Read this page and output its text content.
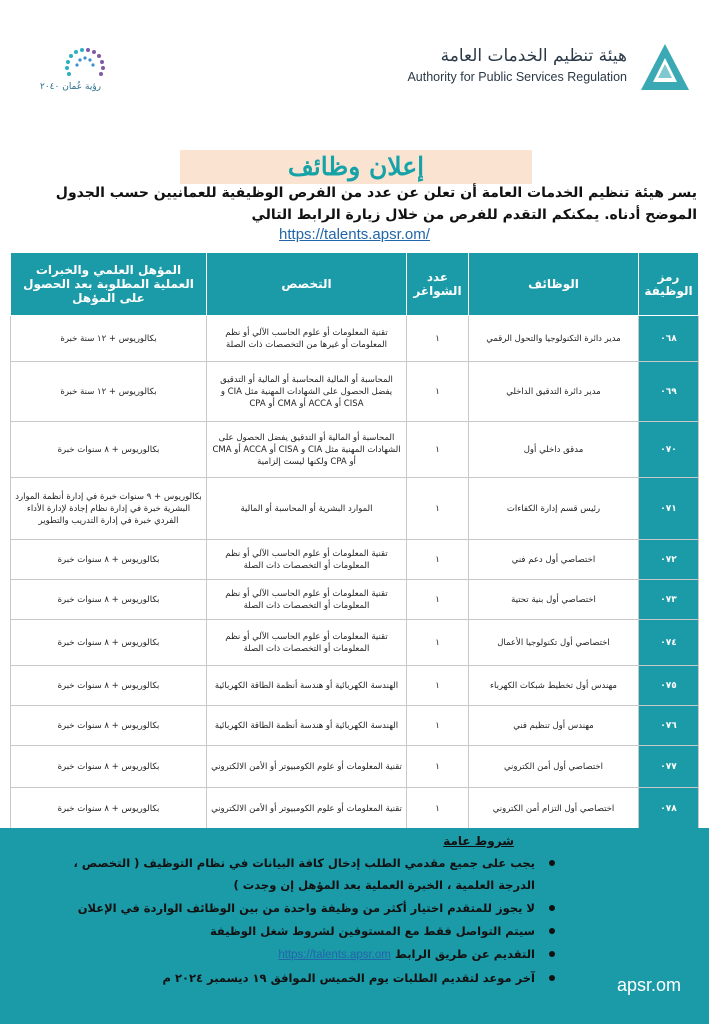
هيئة تنظيم الخدمات العامة
Authority for Public Services Regulation
رؤية عُمان ٢٠٤٠
إعلان وظائف
يسر هيئة تنظيم الخدمات العامة أن تعلن عن عدد من الفرص الوظيفية للعمانيين حسب الجدول الموضح أدناه. يمكنكم التقدم للفرص من خلال زيارة الرابط التالي
https://talents.apsr.om/
رمز الوظيفة	الوظائف	عدد الشواغر	التخصص	المؤهل العلمي والخبرات العملية المطلوبة بعد الحصول على المؤهل
٠٦٨	مدير دائرة التكنولوجيا والتحول الرقمي	١	تقنية المعلومات أو علوم الحاسب الآلي أو نظم المعلومات أو غيرها من التخصصات ذات الصلة	بكالوريوس + ١٢ سنة خبرة
٠٦٩	مدير دائرة التدقيق الداخلي	١	المحاسبة أو المالية المحاسبة أو المالية أو التدقيق يفضل الحصول على الشهادات المهنية مثل CIA و CISA أو ACCA أو CMA أو CPA	بكالوريوس + ١٢ سنة خبرة
٠٧٠	مدقق داخلي أول	١	المحاسبة أو المالية أو التدقيق يفضل الحصول على الشهادات المهنية مثل CIA و CISA أو ACCA أو CMA أو CPA ولكنها ليست إلزامية	بكالوريوس + ٨ سنوات خبرة
٠٧١	رئيس قسم إدارة الكفاءات	١	الموارد البشرية أو المحاسبة أو المالية	بكالوريوس + ٩ سنوات خبرة في إدارة أنظمة الموارد البشرية خبرة في إدارة نظام إجادة لإدارة الأداء الفردي خبرة في إدارة التدريب والتطوير
٠٧٢	اختصاصي أول دعم فني	١	تقنية المعلومات أو علوم الحاسب الآلي أو نظم المعلومات أو التخصصات ذات الصلة	بكالوريوس + ٨ سنوات خبرة
٠٧٣	اختصاصي أول بنية تحتية	١	تقنية المعلومات أو علوم الحاسب الآلي أو نظم المعلومات أو التخصصات ذات الصلة	بكالوريوس + ٨ سنوات خبرة
٠٧٤	اختصاصي أول تكنولوجيا الأعمال	١	تقنية المعلومات أو علوم الحاسب الآلي أو نظم المعلومات أو التخصصات ذات الصلة	بكالوريوس + ٨ سنوات خبرة
٠٧٥	مهندس أول تخطيط شبكات الكهرباء	١	الهندسة الكهربائية أو هندسة أنظمة الطاقة الكهربائية	بكالوريوس + ٨ سنوات خبرة
٠٧٦	مهندس أول تنظيم فني	١	الهندسة الكهربائية أو هندسة أنظمة الطاقة الكهربائية	بكالوريوس + ٨ سنوات خبرة
٠٧٧	اختصاصي أول أمن الكتروني	١	تقنية المعلومات أو علوم الكومبيوتر أو الأمن الالكتروني	بكالوريوس + ٨ سنوات خبرة
٠٧٨	اختصاصي أول التزام أمن الكتروني	١	تقنية المعلومات أو علوم الكومبيوتر أو الأمن الالكتروني	بكالوريوس + ٨ سنوات خبرة
شروط عامة
يجب على جميع مقدمي الطلب إدخال كافة البيانات في نظام التوظيف ( التخصص ، الدرجة العلمية ، الخبرة العملية بعد المؤهل إن وجدت )
لا يجوز للمتقدم اختيار أكثر من وظيفة واحدة من بين الوظائف الواردة في الإعلان
سيتم التواصل فقط مع المستوفين لشروط شغل الوظيفة
التقديم عن طريق الرابط https://talents.apsr.om
آخر موعد لتقديم الطلبات يوم الخميس الموافق ١٩ ديسمبر ٢٠٢٤ م	apsr.om
